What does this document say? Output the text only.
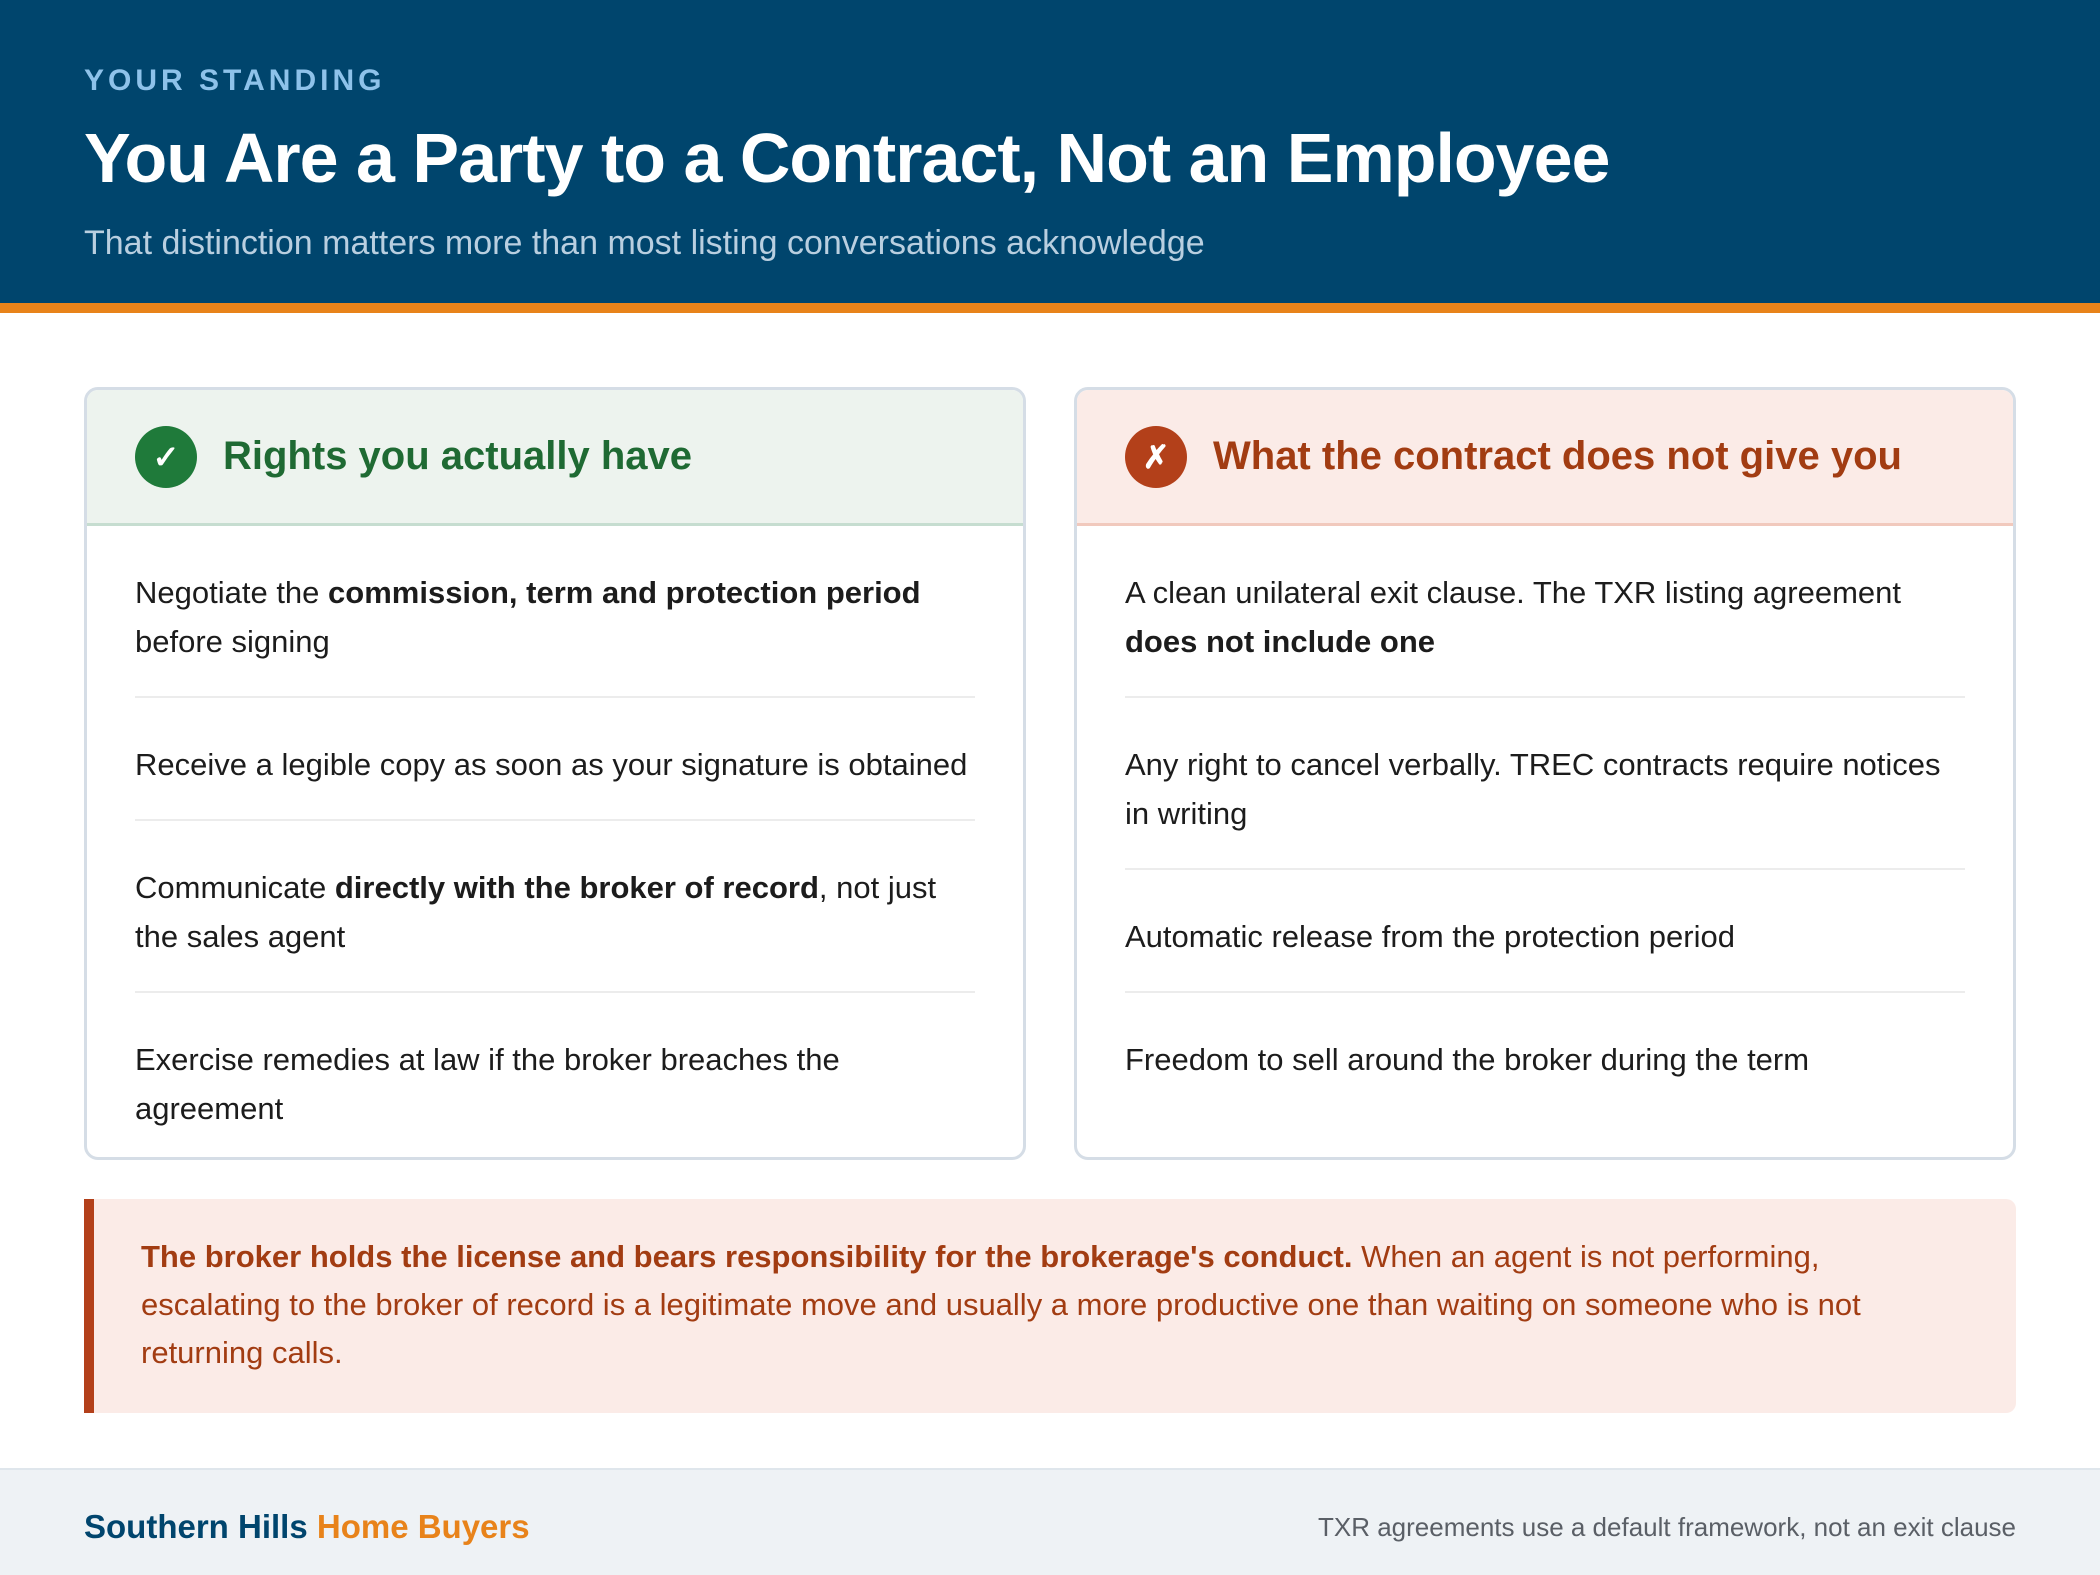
YOUR STANDING
You Are a Party to a Contract, Not an Employee
That distinction matters more than most listing conversations acknowledge
✓	Rights you actually have
Negotiate the commission, term and protection period before signing
Receive a legible copy as soon as your signature is obtained
Communicate directly with the broker of record, not just the sales agent
Exercise remedies at law if the broker breaches the agreement
✗	What the contract does not give you
A clean unilateral exit clause. The TXR listing agreement does not include one
Any right to cancel verbally. TREC contracts require notices in writing
Automatic release from the protection period
Freedom to sell around the broker during the term
The broker holds the license and bears responsibility for the brokerage's conduct. When an agent is not performing, escalating to the broker of record is a legitimate move and usually a more productive one than waiting on someone who is not returning calls.
Southern Hills Home Buyers	TXR agreements use a default framework, not an exit clause
